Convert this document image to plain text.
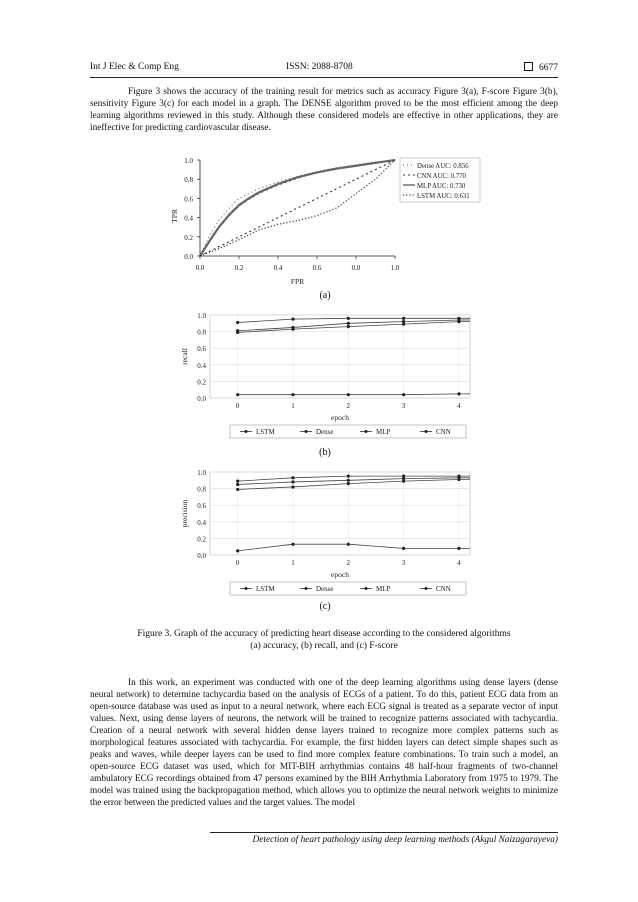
Int J Elec & Comp Eng	ISSN: 2088-8708	6677

Figure 3 shows the accuracy of the training result for metrics such as accuracy Figure 3(a), F-score Figure 3(b), sensitivity Figure 3(c) for each model in a graph. The DENSE algorithm proved to be the most efficient among the deep learning algorithms reviewed in this study. Although these considered models are effective in other applications, they are ineffective for predicting cardiovascular disease.

0.0
0.2
0.4
0.6
0.8
1.0
0.0	0.2	0.4	0.6	0.8	1.0
FPR
TPR
Dense AUC: 0.856
CNN AUC: 0.770
MLP AUC: 0.730
LSTM AUC: 0.631
(a)
0.0
0.2
0.4
0.6
0.8
1.0
0	1	2	3	4
epoch
recall
LSTM	Dense	MLP	CNN
(b)
0.0
0.2
0.4
0.6
0.8
1.0
0	1	2	3	4
epoch
precision
LSTM	Dense	MLP	CNN
(c)
Figure 3. Graph of the accuracy of predicting heart disease according to the considered algorithms
(a) accuracy, (b) recall, and (c) F-score

In this work, an experiment was conducted with one of the deep learning algorithms using dense layers (dense neural network) to determine tachycardia based on the analysis of ECGs of a patient. To do this, patient ECG data from an open-source database was used as input to a neural network, where each ECG signal is treated as a separate vector of input values. Next, using dense layers of neurons, the network will be trained to recognize patterns associated with tachycardia. Creation of a neural network with several hidden dense layers trained to recognize more complex patterns such as morphological features associated with tachycardia. For example, the first hidden layers can detect simple shapes such as peaks and waves, while deeper layers can be used to find more complex feature combinations. To train such a model, an open-source ECG dataset was used, which for MIT-BIH arrhythmias contains 48 half-hour fragments of two-channel ambulatory ECG recordings obtained from 47 persons examined by the BIH Arrhythmia Laboratory from 1975 to 1979. The model was trained using the backpropagation method, which allows you to optimize the neural network weights to minimize the error between the predicted values and the target values. The model

Detection of heart pathology using deep learning methods (Akgul Naizagarayeva)
